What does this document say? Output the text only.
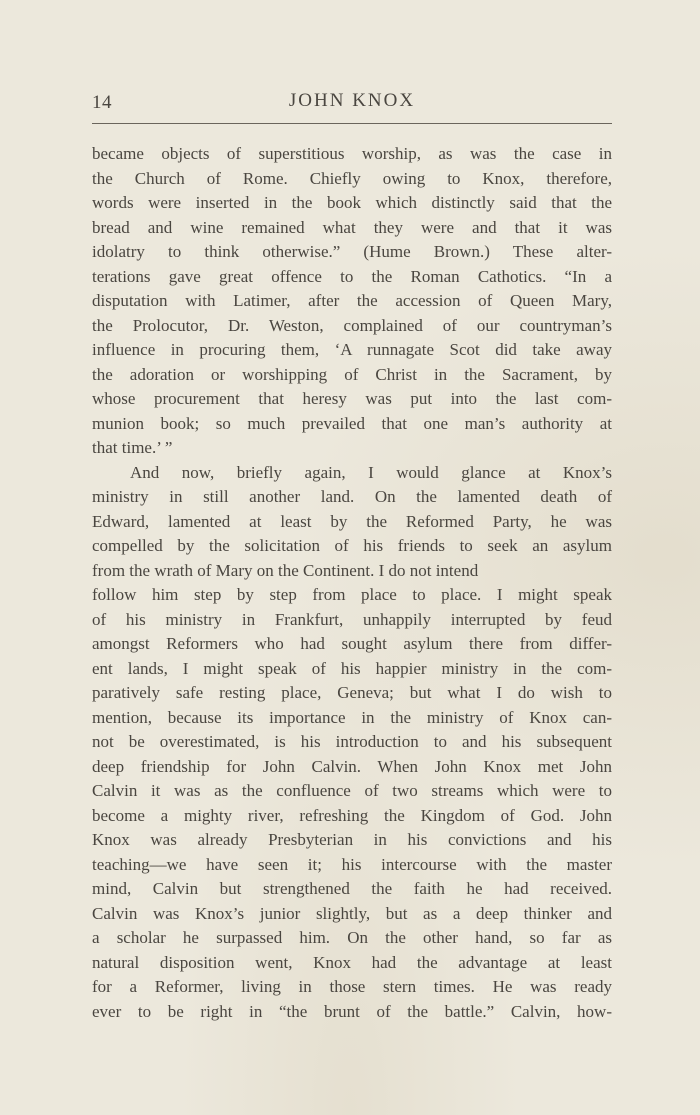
14	JOHN KNOX
became objects of superstitious worship, as was the case in
the Church of Rome. Chiefly owing to Knox, therefore,
words were inserted in the book which distinctly said that the
bread and wine remained what they were and that it was
idolatry to think otherwise.” (Hume Brown.) These alter-
terations gave great offence to the Roman Cathotics. “In a
disputation with Latimer, after the accession of Queen Mary,
the Prolocutor, Dr. Weston, complained of our countryman’s
influence in procuring them, ‘A runnagate Scot did take away
the adoration or worshipping of Christ in the Sacrament, by
whose procurement that heresy was put into the last com-
munion book; so much prevailed that one man’s authority at
that time.’ ”
And now, briefly again, I would glance at Knox’s
ministry in still another land. On the lamented death of
Edward, lamented at least by the Reformed Party, he was
compelled by the solicitation of his friends to seek an asylum
from the wrath of Mary on the Continent. I do not intend
follow him step by step from place to place. I might speak
of his ministry in Frankfurt, unhappily interrupted by feud
amongst Reformers who had sought asylum there from differ-
ent lands, I might speak of his happier ministry in the com-
paratively safe resting place, Geneva; but what I do wish to
mention, because its importance in the ministry of Knox can-
not be overestimated, is his introduction to and his subsequent
deep friendship for John Calvin. When John Knox met John
Calvin it was as the confluence of two streams which were to
become a mighty river, refreshing the Kingdom of God. John
Knox was already Presbyterian in his convictions and his
teaching—we have seen it; his intercourse with the master
mind, Calvin but strengthened the faith he had received.
Calvin was Knox’s junior slightly, but as a deep thinker and
a scholar he surpassed him. On the other hand, so far as
natural disposition went, Knox had the advantage at least
for a Reformer, living in those stern times. He was ready
ever to be right in “the brunt of the battle.” Calvin, how-
